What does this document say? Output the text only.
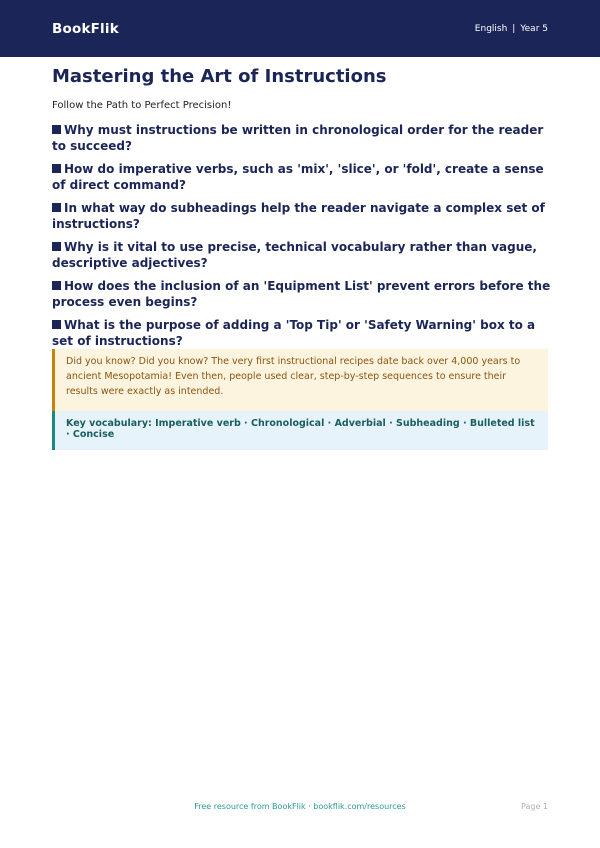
BookFlik	English | Year 5
Mastering the Art of Instructions

Follow the Path to Perfect Precision!

Why must instructions be written in chronological order for the reader to succeed?
How do imperative verbs, such as 'mix', 'slice', or 'fold', create a sense of direct command?
In what way do subheadings help the reader navigate a complex set of instructions?
Why is it vital to use precise, technical vocabulary rather than vague, descriptive adjectives?
How does the inclusion of an 'Equipment List' prevent errors before the process even begins?
What is the purpose of adding a 'Top Tip' or 'Safety Warning' box to a set of instructions?
Did you know? Did you know? The very first instructional recipes date back over 4,000 years to ancient Mesopotamia! Even then, people used clear, step-by-step sequences to ensure their results were exactly as intended.
Key vocabulary: Imperative verb · Chronological · Adverbial · Subheading · Bulleted list · Concise
Free resource from BookFlik · bookflik.com/resources	Page 1
